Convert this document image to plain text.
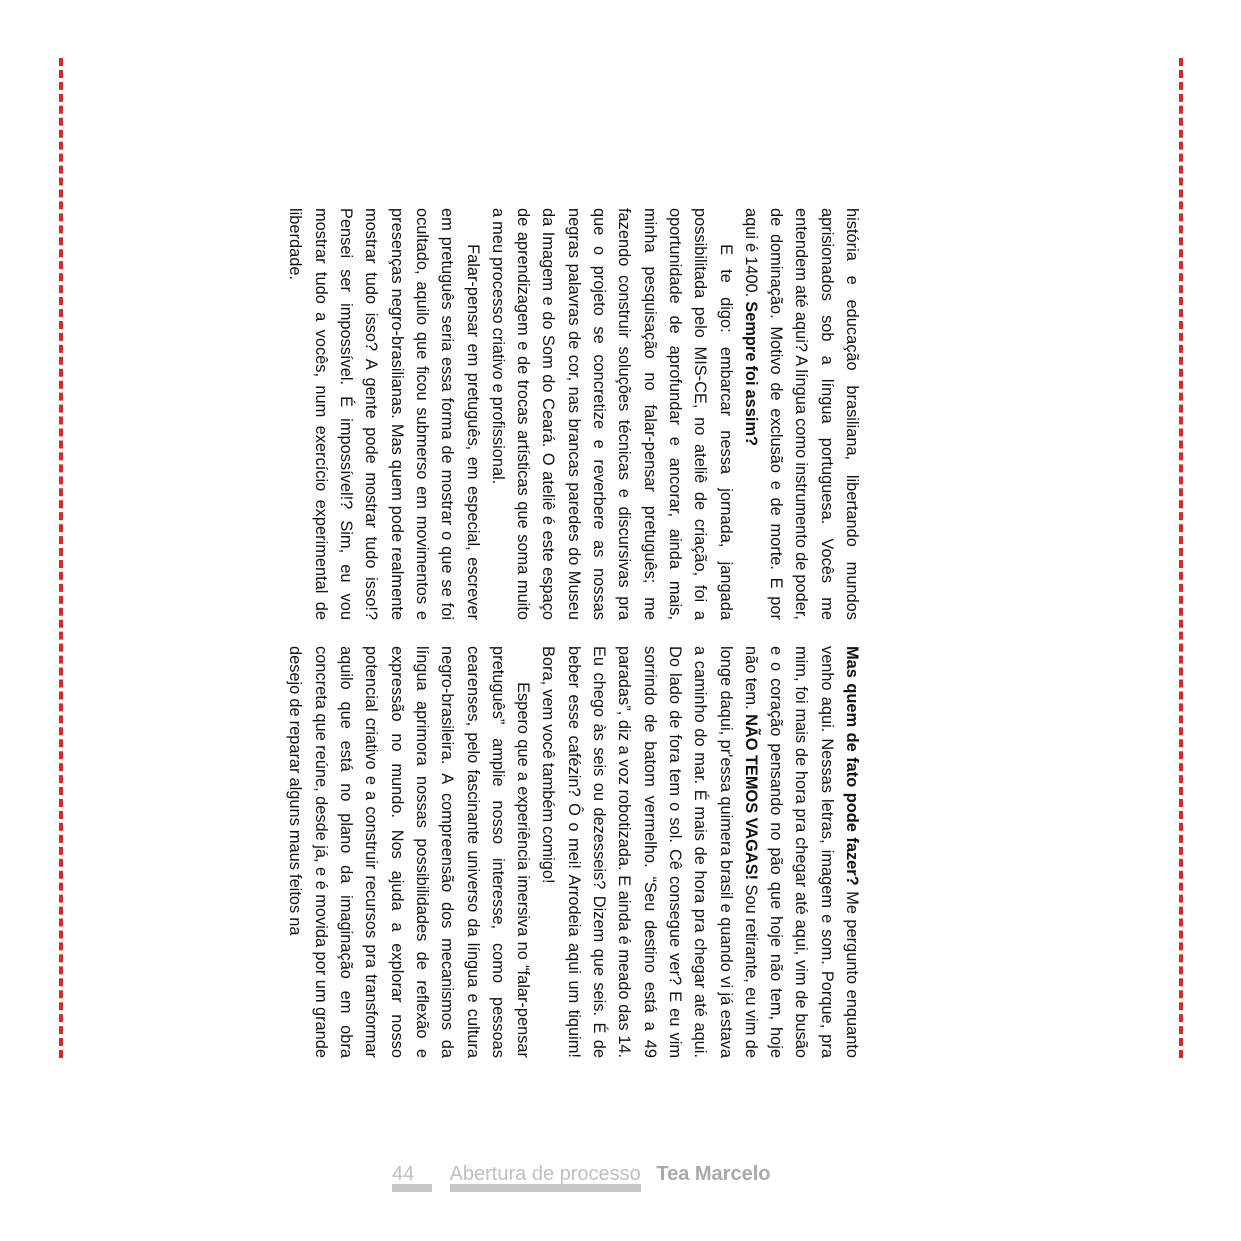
Mas quem de fato pode fazer? Me pergunto enquanto venho aqui. Nessas letras, imagem e som. Porque, pra mim, foi mais de hora pra chegar até aqui, vim de busão e o coração pensando no pão que hoje não tem, hoje não tem. NÃO TEMOS VAGAS! Sou retirante, eu vim de longe daqui, pr'essa quimera brasil e quando vi já estava a caminho do mar. É mais de hora pra chegar até aqui. Do lado de fora tem o sol. Cê consegue ver? E eu vim sorrindo de batom vermelho. “Seu destino está a 49 paradas”, diz a voz robotizada. E ainda é meado das 14. Eu chego às seis ou dezesseis? Dizem que seis. É de beber esse cafézin? Ô o mei! Arrodeia aqui um tiquim! Bora, vem você também comigo!

Espero que a experiência imersiva no “falar-pensar pretuguês” amplie nosso interesse, como pessoas cearenses, pelo fascinante universo da língua e cultura negro-brasileira. A compreensão dos mecanismos da língua aprimora nossas possibilidades de reflexão e expressão no mundo. Nos ajuda a explorar nosso potencial criativo e a construir recursos pra transformar aquilo que está no plano da imaginação em obra concreta que reúne, desde já, e é movida por um grande desejo de reparar alguns maus feitos na

história e educação brasiliana, libertando mundos aprisionados sob a língua portuguesa. Vocês me entendem até aqui? A língua como instrumento de poder, de dominação. Motivo de exclusão e de morte. E por aqui é 1400. Sempre foi assim?

E te digo: embarcar nessa jornada, jangada possibilitada pelo MIS-CE, no ateliê de criação, foi a oportunidade de aprofundar e ancorar, ainda mais, minha pesquisação no falar-pensar pretuguês; me fazendo construir soluções técnicas e discursivas pra que o projeto se concretize e reverbere as nossas negras palavras de cor, nas brancas paredes do Museu da Imagem e do Som do Ceará. O ateliê é este espaço de aprendizagem e de trocas artísticas que soma muito a meu processo criativo e profissional.

Falar-pensar em pretuguês, em especial, escrever em pretuguês seria essa forma de mostrar o que se foi ocultado, aquilo que ficou submerso em movimentos e presenças negro-brasilianas. Mas quem pode realmente mostrar tudo isso? A gente pode mostrar tudo isso!? Pensei ser impossível. É impossível!? Sim, eu vou mostrar tudo a vocês, num exercício experimental de liberdade.

44 Abertura de processo Tea Marcelo
